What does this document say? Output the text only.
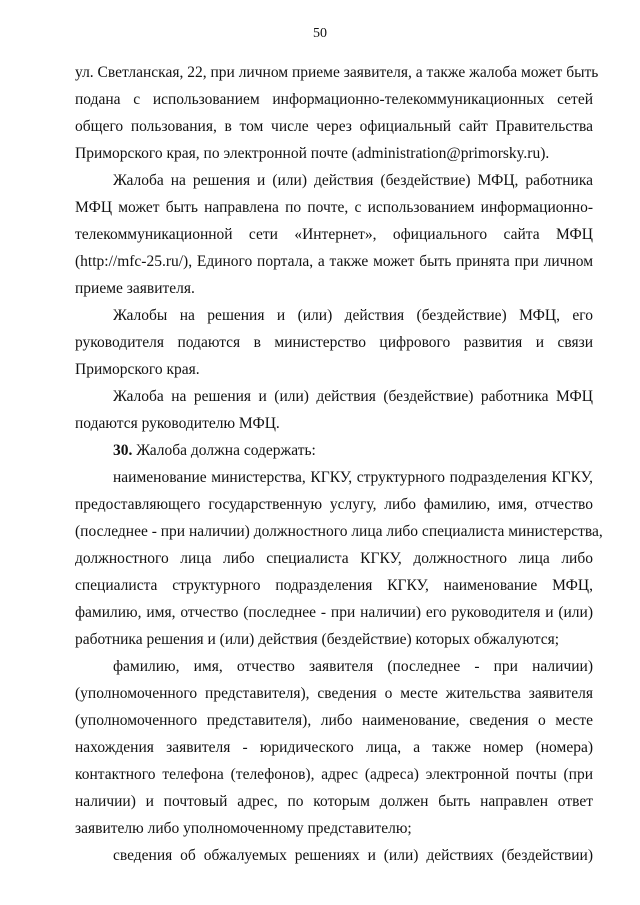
50
ул. Светланская, 22, при личном приеме заявителя, а также жалоба может быть
подана с использованием информационно-телекоммуникационных сетей
общего пользования, в том числе через официальный сайт Правительства
Приморского края, по электронной почте (administration@primorsky.ru).
Жалоба на решения и (или) действия (бездействие) МФЦ, работника
МФЦ может быть направлена по почте, с использованием информационно-
телекоммуникационной сети «Интернет», официального сайта МФЦ
(http://mfc-25.ru/), Единого портала, а также может быть принята при личном
приеме заявителя.
Жалобы на решения и (или) действия (бездействие) МФЦ, его
руководителя подаются в министерство цифрового развития и связи
Приморского края.
Жалоба на решения и (или) действия (бездействие) работника МФЦ
подаются руководителю МФЦ.
30. Жалоба должна содержать:
наименование министерства, КГКУ, структурного подразделения КГКУ,
предоставляющего государственную услугу, либо фамилию, имя, отчество
(последнее - при наличии) должностного лица либо специалиста министерства,
должностного лица либо специалиста КГКУ, должностного лица либо
специалиста структурного подразделения КГКУ, наименование МФЦ,
фамилию, имя, отчество (последнее - при наличии) его руководителя и (или)
работника решения и (или) действия (бездействие) которых обжалуются;
фамилию, имя, отчество заявителя (последнее - при наличии)
(уполномоченного представителя), сведения о месте жительства заявителя
(уполномоченного представителя), либо наименование, сведения о месте
нахождения заявителя - юридического лица, а также номер (номера)
контактного телефона (телефонов), адрес (адреса) электронной почты (при
наличии) и почтовый адрес, по которым должен быть направлен ответ
заявителю либо уполномоченному представителю;
сведения об обжалуемых решениях и (или) действиях (бездействии)
